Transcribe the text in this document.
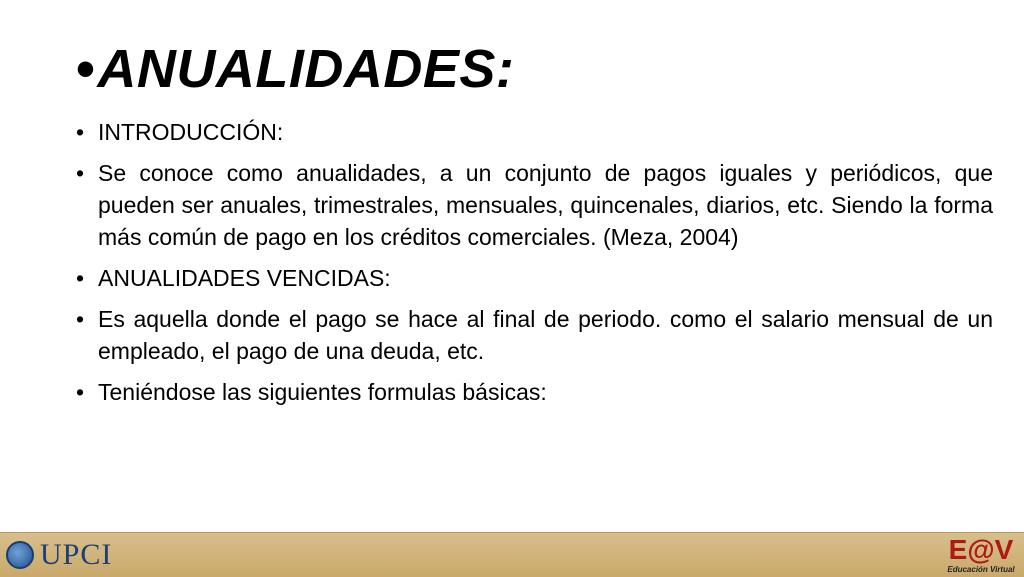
•ANUALIDADES:
• INTRODUCCIÓN:
• Se conoce como anualidades, a un conjunto de pagos iguales y periódicos, que pueden ser anuales, trimestrales, mensuales, quincenales, diarios, etc. Siendo la forma más común de pago en los créditos comerciales. (Meza, 2004)
• ANUALIDADES VENCIDAS:
• Es aquella donde el pago se hace al final de periodo. como el salario mensual de un empleado, el pago de una deuda, etc.
• Teniéndose las siguientes formulas básicas:
UPCI	E@V
Educación Virtual
